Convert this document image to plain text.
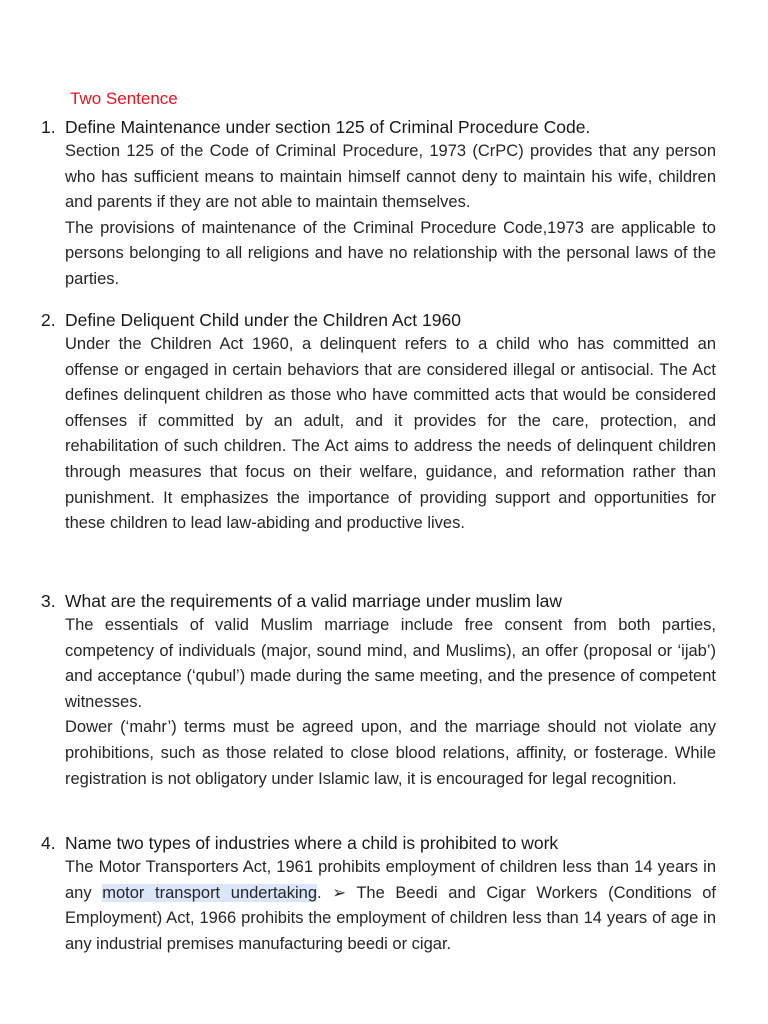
Two Sentence
1. Define Maintenance under section 125 of Criminal Procedure Code.

Section 125 of the Code of Criminal Procedure, 1973 (CrPC) provides that any person who has sufficient means to maintain himself cannot deny to maintain his wife, children and parents if they are not able to maintain themselves.

The provisions of maintenance of the Criminal Procedure Code,1973 are applicable to persons belonging to all religions and have no relationship with the personal laws of the parties.

2. Define Deliquent Child under the Children Act 1960

Under the Children Act 1960, a delinquent refers to a child who has committed an offense or engaged in certain behaviors that are considered illegal or antisocial. The Act defines delinquent children as those who have committed acts that would be considered offenses if committed by an adult, and it provides for the care, protection, and rehabilitation of such children. The Act aims to address the needs of delinquent children through measures that focus on their welfare, guidance, and reformation rather than punishment. It emphasizes the importance of providing support and opportunities for these children to lead law-abiding and productive lives.

3. What are the requirements of a valid marriage under muslim law

The essentials of valid Muslim marriage include free consent from both parties, competency of individuals (major, sound mind, and Muslims), an offer (proposal or ‘ijab’) and acceptance (‘qubul’) made during the same meeting, and the presence of competent witnesses.

Dower (‘mahr’) terms must be agreed upon, and the marriage should not violate any prohibitions, such as those related to close blood relations, affinity, or fosterage. While registration is not obligatory under Islamic law, it is encouraged for legal recognition.

4. Name two types of industries where a child is prohibited to work

The Motor Transporters Act, 1961 prohibits employment of children less than 14 years in any motor transport undertaking. ➢ The Beedi and Cigar Workers (Conditions of Employment) Act, 1966 prohibits the employment of children less than 14 years of age in any industrial premises manufacturing beedi or cigar.
